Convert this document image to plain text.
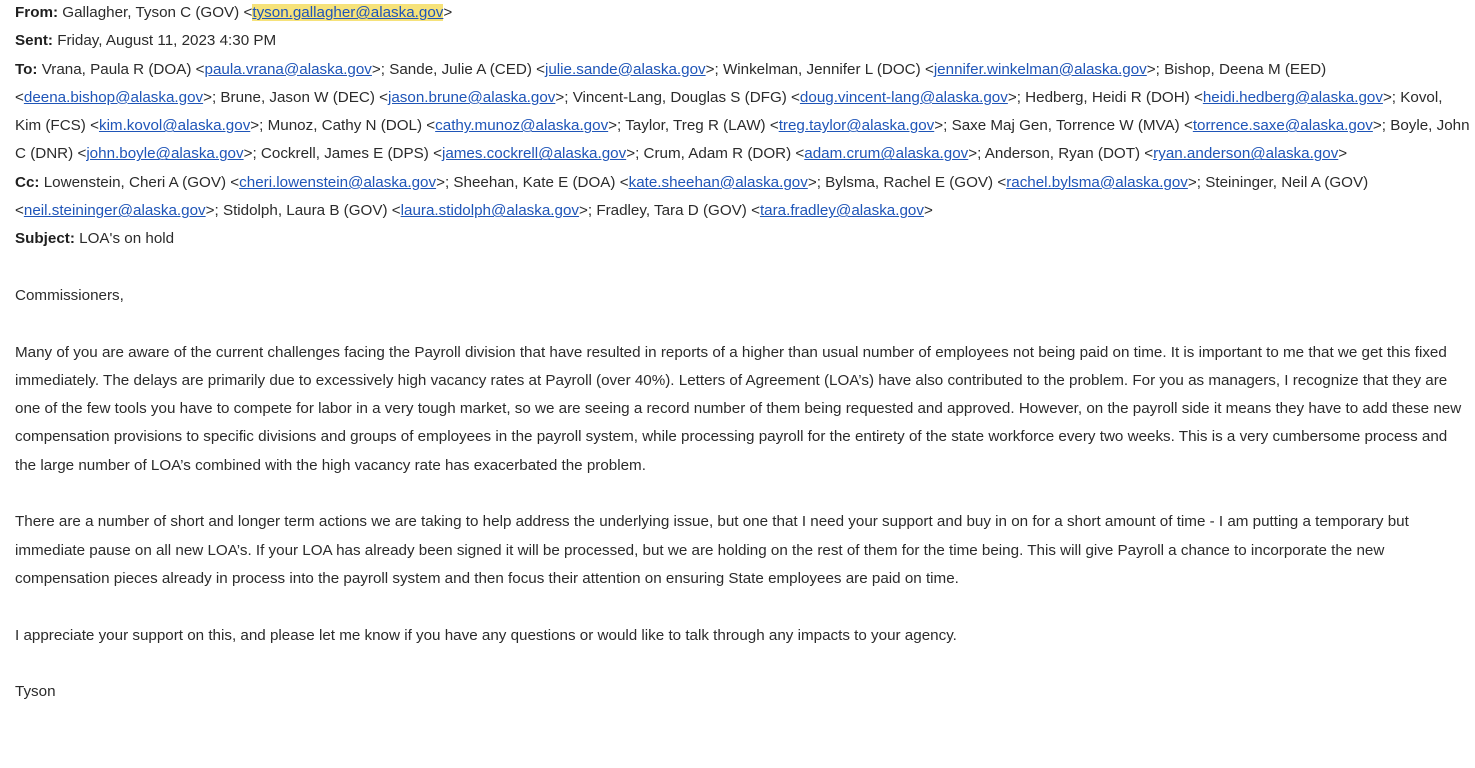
From: Gallagher, Tyson C (GOV) <tyson.gallagher@alaska.gov>
Sent: Friday, August 11, 2023 4:30 PM
To: Vrana, Paula R (DOA) <paula.vrana@alaska.gov>; Sande, Julie A (CED) <julie.sande@alaska.gov>; Winkelman, Jennifer L (DOC) <jennifer.winkelman@alaska.gov>; Bishop, Deena M (EED) <deena.bishop@alaska.gov>; Brune, Jason W (DEC) <jason.brune@alaska.gov>; Vincent-Lang, Douglas S (DFG) <doug.vincent-lang@alaska.gov>; Hedberg, Heidi R (DOH) <heidi.hedberg@alaska.gov>; Kovol, Kim (FCS) <kim.kovol@alaska.gov>; Munoz, Cathy N (DOL) <cathy.munoz@alaska.gov>; Taylor, Treg R (LAW) <treg.taylor@alaska.gov>; Saxe Maj Gen, Torrence W (MVA) <torrence.saxe@alaska.gov>; Boyle, John C (DNR) <john.boyle@alaska.gov>; Cockrell, James E (DPS) <james.cockrell@alaska.gov>; Crum, Adam R (DOR) <adam.crum@alaska.gov>; Anderson, Ryan (DOT) <ryan.anderson@alaska.gov>
Cc: Lowenstein, Cheri A (GOV) <cheri.lowenstein@alaska.gov>; Sheehan, Kate E (DOA) <kate.sheehan@alaska.gov>; Bylsma, Rachel E (GOV) <rachel.bylsma@alaska.gov>; Steininger, Neil A (GOV) <neil.steininger@alaska.gov>; Stidolph, Laura B (GOV) <laura.stidolph@alaska.gov>; Fradley, Tara D (GOV) <tara.fradley@alaska.gov>
Subject: LOA's on hold

Commissioners,

Many of you are aware of the current challenges facing the Payroll division that have resulted in reports of a higher than usual number of employees not being paid on time. It is important to me that we get this fixed immediately. The delays are primarily due to excessively high vacancy rates at Payroll (over 40%). Letters of Agreement (LOA’s) have also contributed to the problem. For you as managers, I recognize that they are one of the few tools you have to compete for labor in a very tough market, so we are seeing a record number of them being requested and approved. However, on the payroll side it means they have to add these new compensation provisions to specific divisions and groups of employees in the payroll system, while processing payroll for the entirety of the state workforce every two weeks. This is a very cumbersome process and the large number of LOA’s combined with the high vacancy rate has exacerbated the problem.

There are a number of short and longer term actions we are taking to help address the underlying issue, but one that I need your support and buy in on for a short amount of time - I am putting a temporary but immediate pause on all new LOA’s. If your LOA has already been signed it will be processed, but we are holding on the rest of them for the time being. This will give Payroll a chance to incorporate the new compensation pieces already in process into the payroll system and then focus their attention on ensuring State employees are paid on time.

I appreciate your support on this, and please let me know if you have any questions or would like to talk through any impacts to your agency.

Tyson
